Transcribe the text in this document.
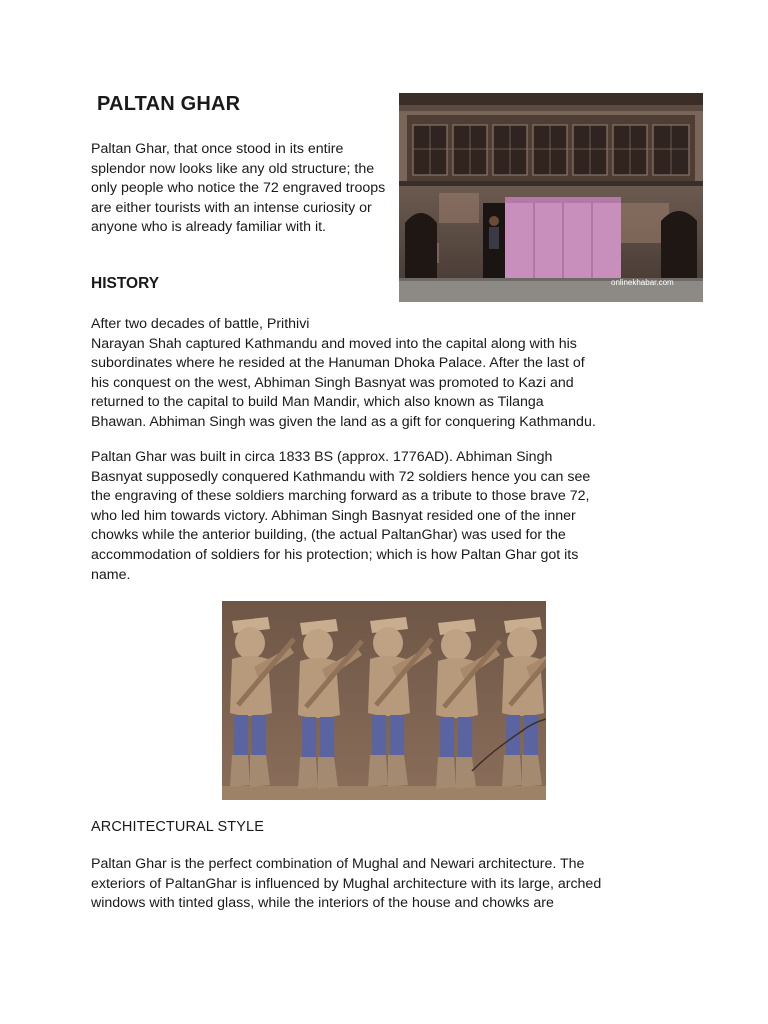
PALTAN GHAR
Paltan Ghar, that once stood in its entire splendor now looks like any old structure; the only people who notice the 72 engraved troops are either tourists with an intense curiosity or anyone who is already familiar with it.
onlinekhabar.com
HISTORY
After two decades of battle, Prithivi
Narayan Shah captured Kathmandu and moved into the capital along with his
subordinates where he resided at the Hanuman Dhoka Palace. After the last of
his conquest on the west, Abhiman Singh Basnyat was promoted to Kazi and
returned to the capital to build Man Mandir, which also known as Tilanga
Bhawan. Abhiman Singh was given the land as a gift for conquering Kathmandu.
Paltan Ghar was built in circa 1833 BS (approx. 1776AD). Abhiman Singh
Basnyat supposedly conquered Kathmandu with 72 soldiers hence you can see
the engraving of these soldiers marching forward as a tribute to those brave 72,
who led him towards victory. Abhiman Singh Basnyat resided one of the inner
chowks while the anterior building, (the actual PaltanGhar) was used for the
accommodation of soldiers for his protection; which is how Paltan Ghar got its
name.
ARCHITECTURAL STYLE
Paltan Ghar is the perfect combination of Mughal and Newari architecture. The
exteriors of PaltanGhar is influenced by Mughal architecture with its large, arched
windows with tinted glass, while the interiors of the house and chowks are
